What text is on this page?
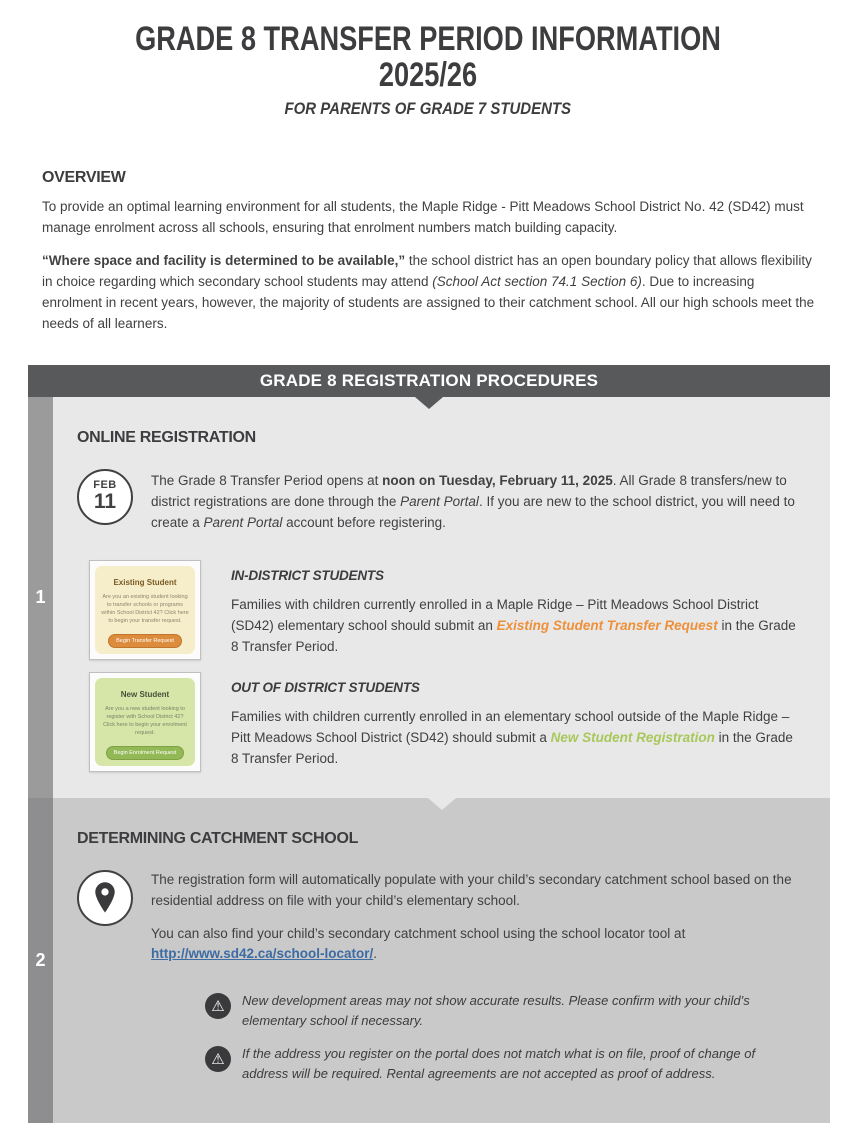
GRADE 8 TRANSFER PERIOD INFORMATION 2025/26
FOR PARENTS OF GRADE 7 STUDENTS
OVERVIEW

To provide an optimal learning environment for all students, the Maple Ridge - Pitt Meadows School District No. 42 (SD42) must manage enrolment across all schools, ensuring that enrolment numbers match building capacity.

“Where space and facility is determined to be available,” the school district has an open boundary policy that allows flexibility in choice regarding which secondary school students may attend (School Act section 74.1 Section 6). Due to increasing enrolment in recent years, however, the majority of students are assigned to their catchment school. All our high schools meet the needs of all learners.

GRADE 8 REGISTRATION PROCEDURES
1
ONLINE REGISTRATION
FEB
11

The Grade 8 Transfer Period opens at noon on Tuesday, February 11, 2025. All Grade 8 transfers/new to district registrations are done through the Parent Portal. If you are new to the school district, you will need to create a Parent Portal account before registering.

Existing Student
Are you an existing student looking to transfer schools or programs within School District 42? Click here to begin your transfer request.
Begin Transfer Request
IN-DISTRICT STUDENTS

Families with children currently enrolled in a Maple Ridge – Pitt Meadows School District (SD42) elementary school should submit an Existing Student Transfer Request in the Grade 8 Transfer Period.

New Student
Are you a new student looking to register with School District 42? Click here to begin your enrolment request.
Begin Enrolment Request
OUT OF DISTRICT STUDENTS

Families with children currently enrolled in an elementary school outside of the Maple Ridge – Pitt Meadows School District (SD42) should submit a New Student Registration in the Grade 8 Transfer Period.

2
DETERMINING CATCHMENT SCHOOL

The registration form will automatically populate with your child’s secondary catchment school based on the residential address on file with your child’s elementary school.

You can also find your child’s secondary catchment school using the school locator tool at
http://www.sd42.ca/school-locator/.

⚠ New development areas may not show accurate results. Please confirm with your child’s elementary school if necessary.
⚠ If the address you register on the portal does not match what is on file, proof of change of address will be required. Rental agreements are not accepted as proof of address.
